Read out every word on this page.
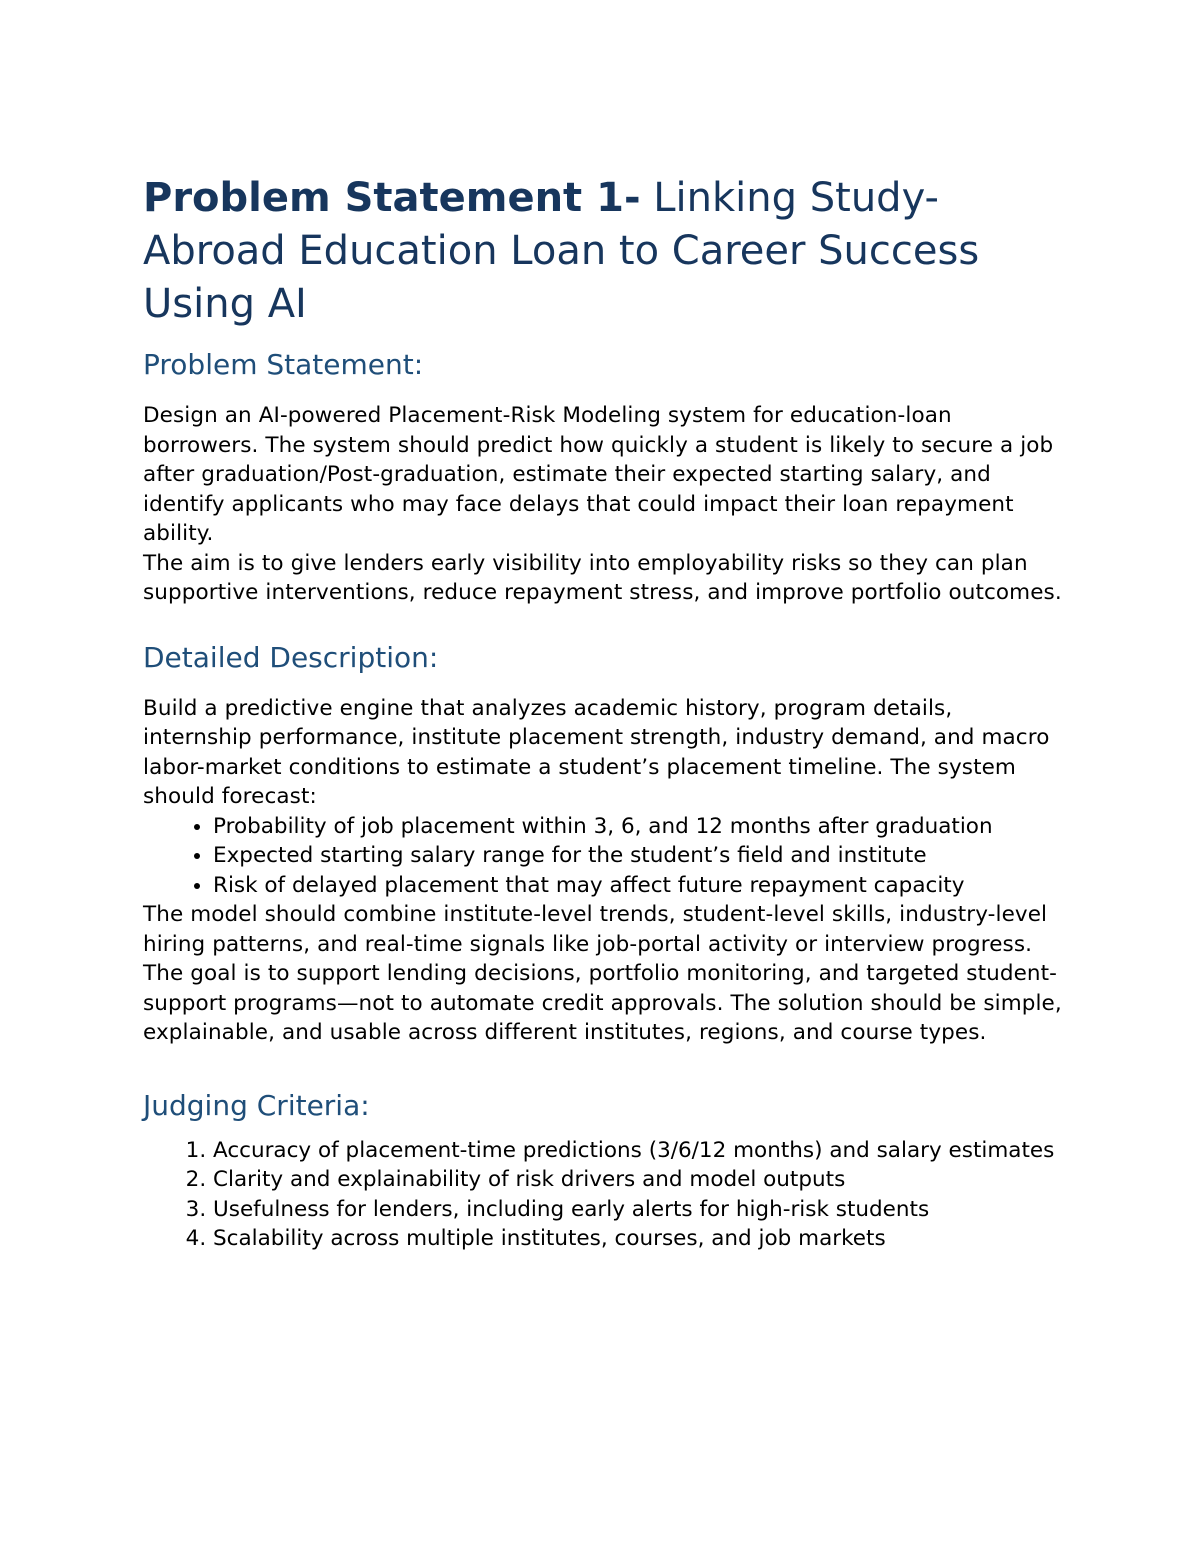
Problem Statement 1- Linking Study-Abroad Education Loan to Career Success Using AI
Problem Statement:

Design an AI-powered Placement-Risk Modeling system for education-loan borrowers. The system should predict how quickly a student is likely to secure a job after graduation/Post-graduation, estimate their expected starting salary, and identify applicants who may face delays that could impact their loan repayment ability.

The aim is to give lenders early visibility into employability risks so they can plan supportive interventions, reduce repayment stress, and improve portfolio outcomes.

Detailed Description:

Build a predictive engine that analyzes academic history, program details, internship performance, institute placement strength, industry demand, and macro labor-market conditions to estimate a student’s placement timeline. The system should forecast:

• Probability of job placement within 3, 6, and 12 months after graduation
• Expected starting salary range for the student’s field and institute
• Risk of delayed placement that may affect future repayment capacity

The model should combine institute-level trends, student-level skills, industry-level hiring patterns, and real-time signals like job-portal activity or interview progress. The goal is to support lending decisions, portfolio monitoring, and targeted student-support programs—not to automate credit approvals. The solution should be simple, explainable, and usable across different institutes, regions, and course types.

Judging Criteria:
1. Accuracy of placement-time predictions (3/6/12 months) and salary estimates
2. Clarity and explainability of risk drivers and model outputs
3. Usefulness for lenders, including early alerts for high-risk students
4. Scalability across multiple institutes, courses, and job markets
